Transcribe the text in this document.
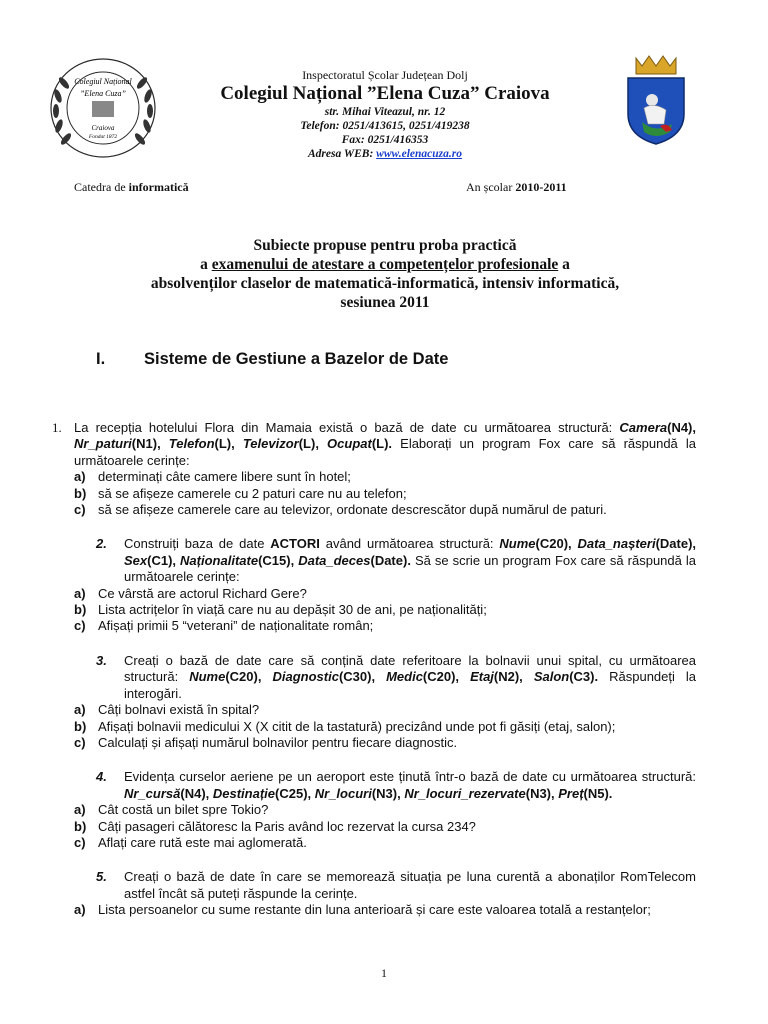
Colegiul Național
”Elena Cuza”
Craiova
Fondat 1872
Inspectoratul Școlar Județean Dolj
Colegiul Național ”Elena Cuza” Craiova
str. Mihai Viteazul, nr. 12
Telefon: 0251/413615, 0251/419238
Fax: 0251/416353
Adresa WEB: www.elenacuza.ro
Catedra de informatică	An școlar 2010-2011
Subiecte propuse pentru proba practică
a examenului de atestare a competențelor profesionale a
absolvenților claselor de matematică-informatică, intensiv informatică,
sesiunea 2011
I. Sisteme de Gestiune a Bazelor de Date
1. La recepția hotelului Flora din Mamaia există o bază de date cu următoarea structură: Camera(N4), Nr_paturi(N1), Telefon(L), Televizor(L), Ocupat(L). Elaborați un program Fox care să răspundă la următoarele cerințe:
a) determinați câte camere libere sunt în hotel;
b) să se afișeze camerele cu 2 paturi care nu au telefon;
c) să se afișeze camerele care au televizor, ordonate descrescător după numărul de paturi.
2.	Construiți baza de date ACTORI având următoarea structură: Nume(C20), Data_nașteri(Date), Sex(C1), Naționalitate(C15), Data_deces(Date). Să se scrie un program Fox care să răspundă la următoarele cerințe:
a) Ce vârstă are actorul Richard Gere?
b) Lista actrițelor în viață care nu au depășit 30 de ani, pe naționalități;
c) Afișați primii 5 “veterani” de naționalitate român;
3.	Creați o bază de date care să conțină date referitoare la bolnavii unui spital, cu următoarea structură: Nume(C20), Diagnostic(C30), Medic(C20), Etaj(N2), Salon(C3). Răspundeți la interogări.
a) Câți bolnavi există în spital?
b) Afișați bolnavii medicului X (X citit de la tastatură) precizând unde pot fi găsiți (etaj, salon);
c) Calculați și afișați numărul bolnavilor pentru fiecare diagnostic.
4.	Evidența curselor aeriene pe un aeroport este ținută într-o bază de date cu următoarea structură: Nr_cursă(N4), Destinație(C25), Nr_locuri(N3), Nr_locuri_rezervate(N3), Preț(N5).
a) Cât costă un bilet spre Tokio?
b) Câți pasageri călătoresc la Paris având loc rezervat la cursa 234?
c) Aflați care rută este mai aglomerată.
5.	Creați o bază de date în care se memorează situația pe luna curentă a abonaților RomTelecom astfel încât să puteți răspunde la cerințe.
a) Lista persoanelor cu sume restante din luna anterioară și care este valoarea totală a restanțelor;
1
